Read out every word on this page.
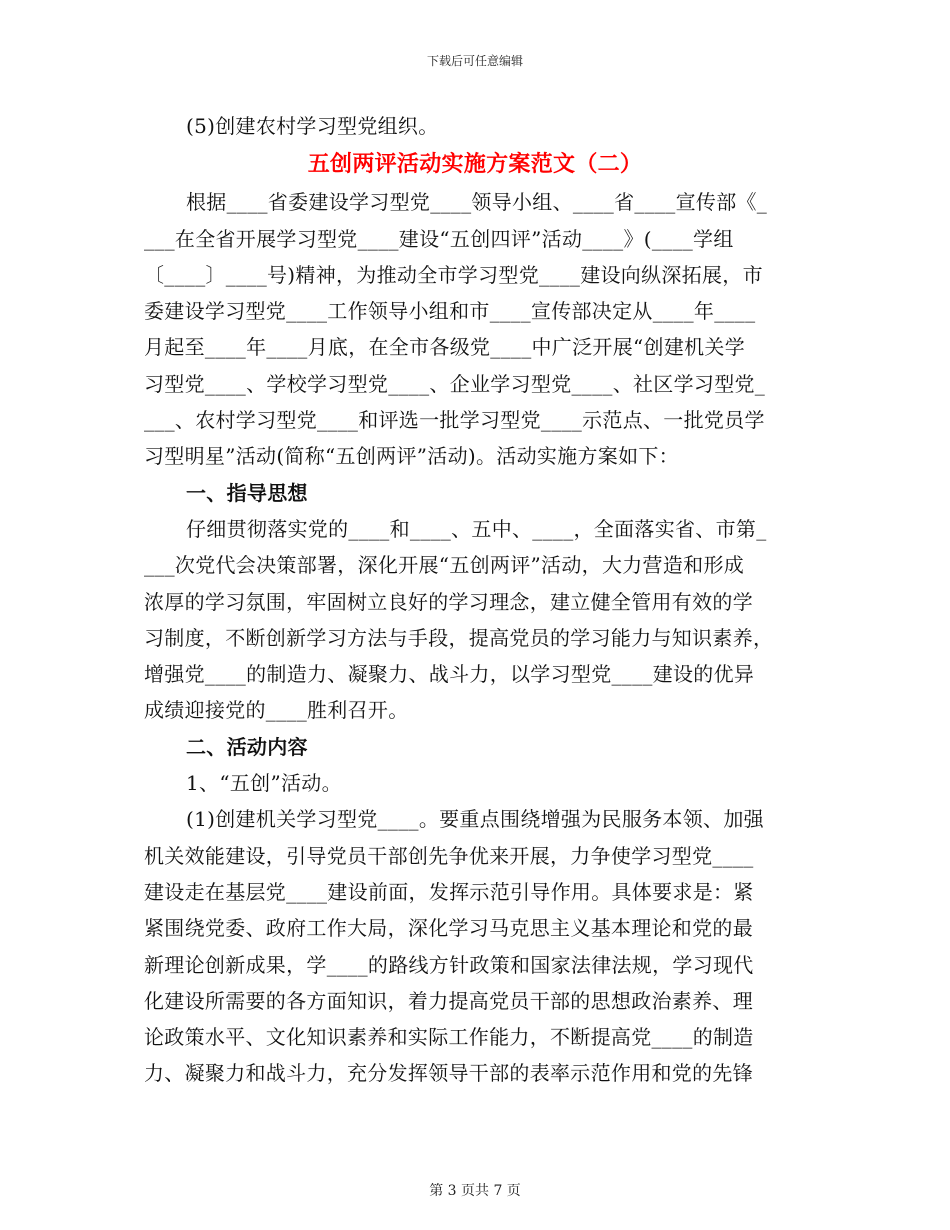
下载后可任意编辑
(5)创建农村学习型党组织。
五创两评活动实施方案范文（二）
根据____省委建设学习型党____领导小组、____省____宣传部《_
___在全省开展学习型党____建设“五创四评”活动____》(____学组
〔____〕____号)精神，为推动全市学习型党____建设向纵深拓展，市
委建设学习型党____工作领导小组和市____宣传部决定从____年____
月起至____年____月底，在全市各级党____中广泛开展“创建机关学
习型党____、学校学习型党____、企业学习型党____、社区学习型党_
___、农村学习型党____和评选一批学习型党____示范点、一批党员学
习型明星”活动(简称“五创两评”活动)。活动实施方案如下：
一、指导思想
仔细贯彻落实党的____和____、五中、____，全面落实省、市第_
___次党代会决策部署，深化开展“五创两评”活动，大力营造和形成
浓厚的学习氛围，牢固树立良好的学习理念，建立健全管用有效的学
习制度，不断创新学习方法与手段，提高党员的学习能力与知识素养，
增强党____的制造力、凝聚力、战斗力，以学习型党____建设的优异
成绩迎接党的____胜利召开。
二、活动内容
1、“五创”活动。
(1)创建机关学习型党____。要重点围绕增强为民服务本领、加强
机关效能建设，引导党员干部创先争优来开展，力争使学习型党____
建设走在基层党____建设前面，发挥示范引导作用。具体要求是：紧
紧围绕党委、政府工作大局，深化学习马克思主义基本理论和党的最
新理论创新成果，学____的路线方针政策和国家法律法规，学习现代
化建设所需要的各方面知识，着力提高党员干部的思想政治素养、理
论政策水平、文化知识素养和实际工作能力，不断提高党____的制造
力、凝聚力和战斗力，充分发挥领导干部的表率示范作用和党的先锋
第 3 页共 7 页
